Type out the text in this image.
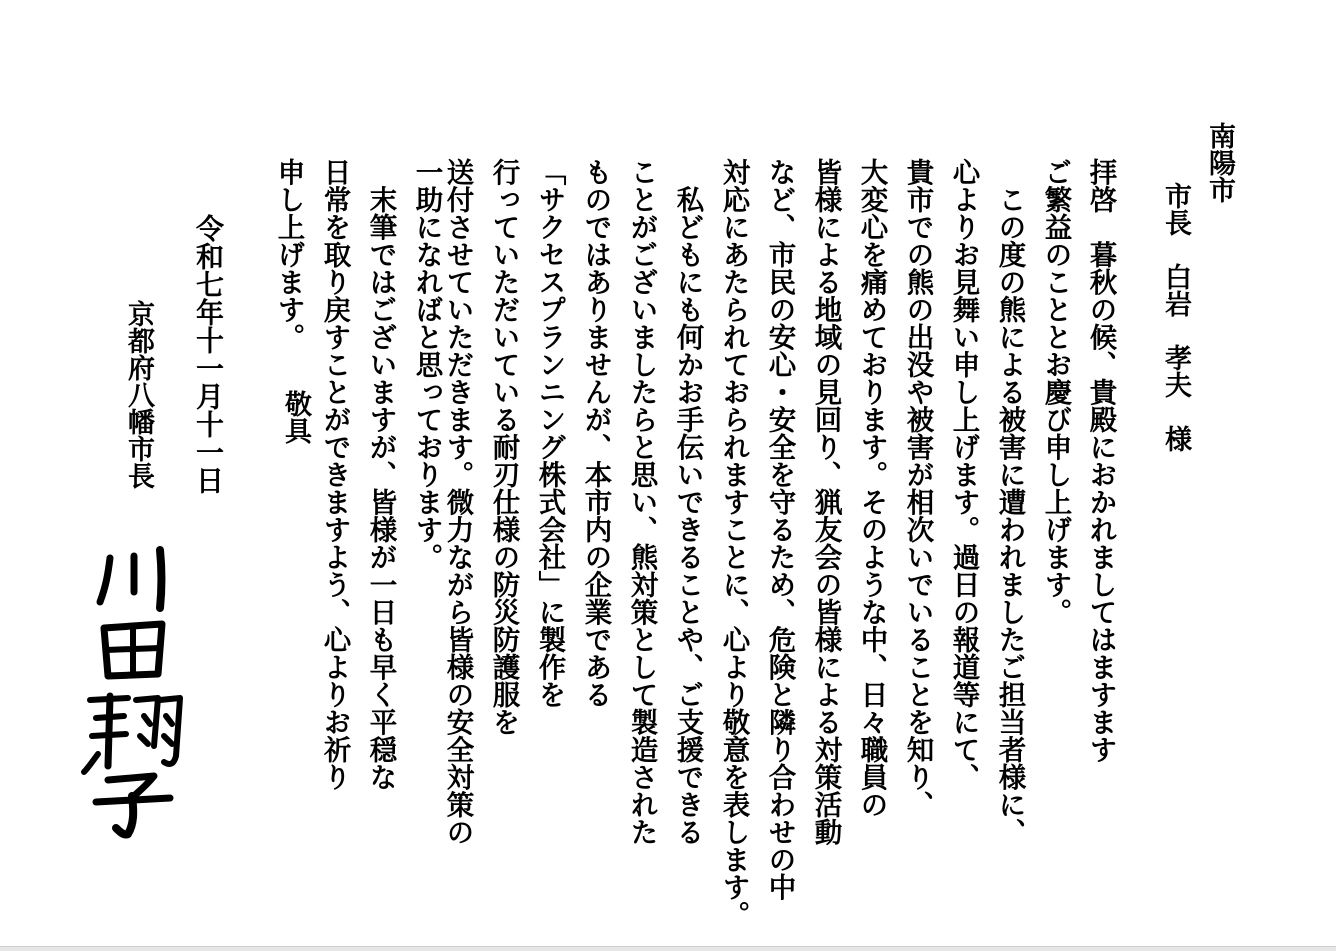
南陽市
市長　白岩　孝夫　様
拝啓　暮秋の候、貴殿におかれましてはますます
ご繁益のこととお慶び申し上げます。
　この度の熊による被害に遭われましたご担当者様に、
心よりお見舞い申し上げます。過日の報道等にて、
貴市での熊の出没や被害が相次いでいることを知り、
大変心を痛めております。そのような中、日々職員の
皆様による地域の見回り、猟友会の皆様による対策活動
など、市民の安心・安全を守るため、危険と隣り合わせの中
対応にあたられておられますことに、心より敬意を表します。
　私どもにも何かお手伝いできることや、ご支援できる
ことがございましたらと思い、熊対策として製造された
ものではありませんが、本市内の企業である
「サクセスプランニング株式会社」に製作を
行っていただいている耐刃仕様の防災防護服を
送付させていただきます。微力ながら皆様の安全対策の
一助になればと思っております。
　末筆ではございますが、皆様が一日も早く平穏な
日常を取り戻すことができますよう、心よりお祈り
申し上げます。
敬具
令和七年十一月十一日
京都府八幡市長
